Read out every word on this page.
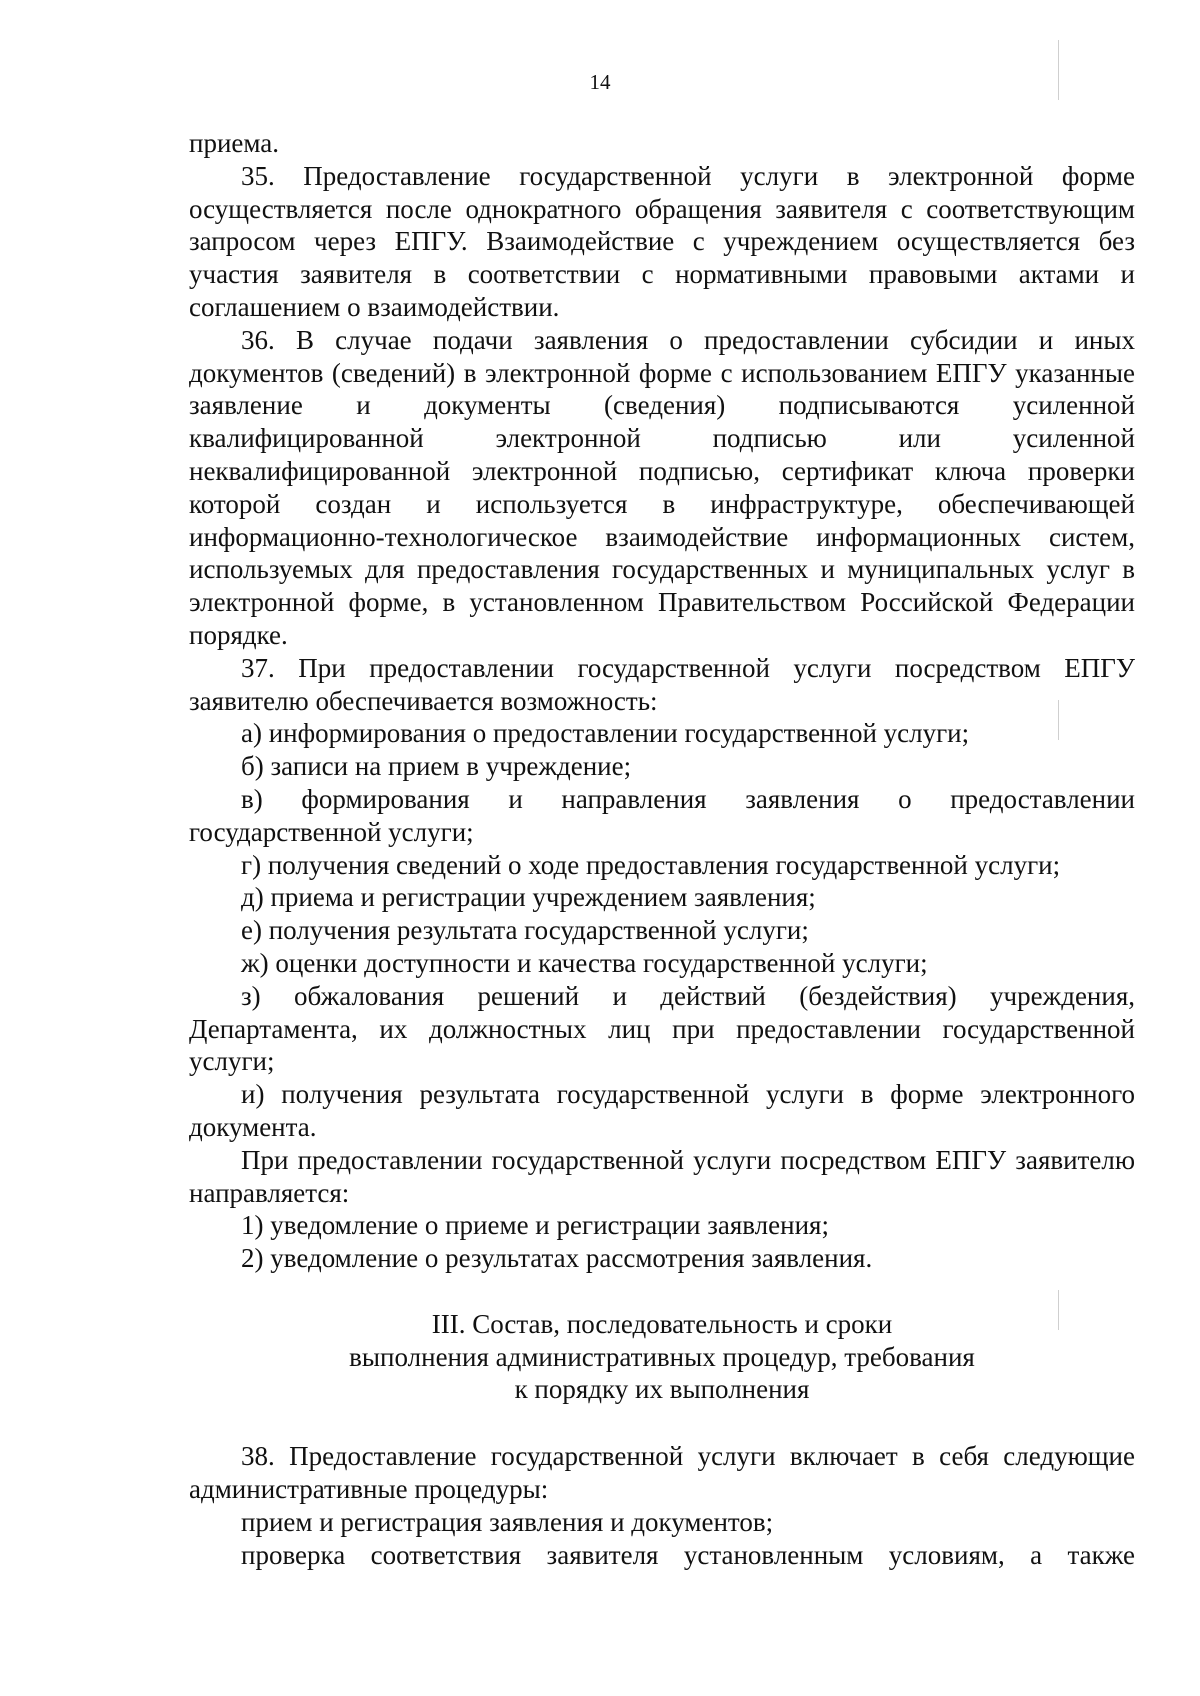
14

приема.

35. Предоставление государственной услуги в электронной форме осуществляется после однократного обращения заявителя с соответствующим запросом через ЕПГУ. Взаимодействие с учреждением осуществляется без участия заявителя в соответствии с нормативными правовыми актами и соглашением о взаимодействии.

36. В случае подачи заявления о предоставлении субсидии и иных документов (сведений) в электронной форме с использованием ЕПГУ указанные заявление и документы (сведения) подписываются усиленной квалифицированной электронной подписью или усиленной неквалифицированной электронной подписью, сертификат ключа проверки которой создан и используется в инфраструктуре, обеспечивающей информационно-технологическое взаимодействие информационных систем, используемых для предоставления государственных и муниципальных услуг в электронной форме, в установленном Правительством Российской Федерации порядке.

37. При предоставлении государственной услуги посредством ЕПГУ заявителю обеспечивается возможность:

а) информирования о предоставлении государственной услуги;

б) записи на прием в учреждение;

в) формирования и направления заявления о предоставлении государственной услуги;

г) получения сведений о ходе предоставления государственной услуги;

д) приема и регистрации учреждением заявления;

е) получения результата государственной услуги;

ж) оценки доступности и качества государственной услуги;

з) обжалования решений и действий (бездействия) учреждения, Департамента, их должностных лиц при предоставлении государственной услуги;

и) получения результата государственной услуги в форме электронного документа.

При предоставлении государственной услуги посредством ЕПГУ заявителю направляется:

1) уведомление о приеме и регистрации заявления;

2) уведомление о результатах рассмотрения заявления.

III. Состав, последовательность и сроки
выполнения административных процедур, требования
к порядку их выполнения

38. Предоставление государственной услуги включает в себя следующие административные процедуры:

прием и регистрация заявления и документов;

проверка соответствия заявителя установленным условиям, а также
